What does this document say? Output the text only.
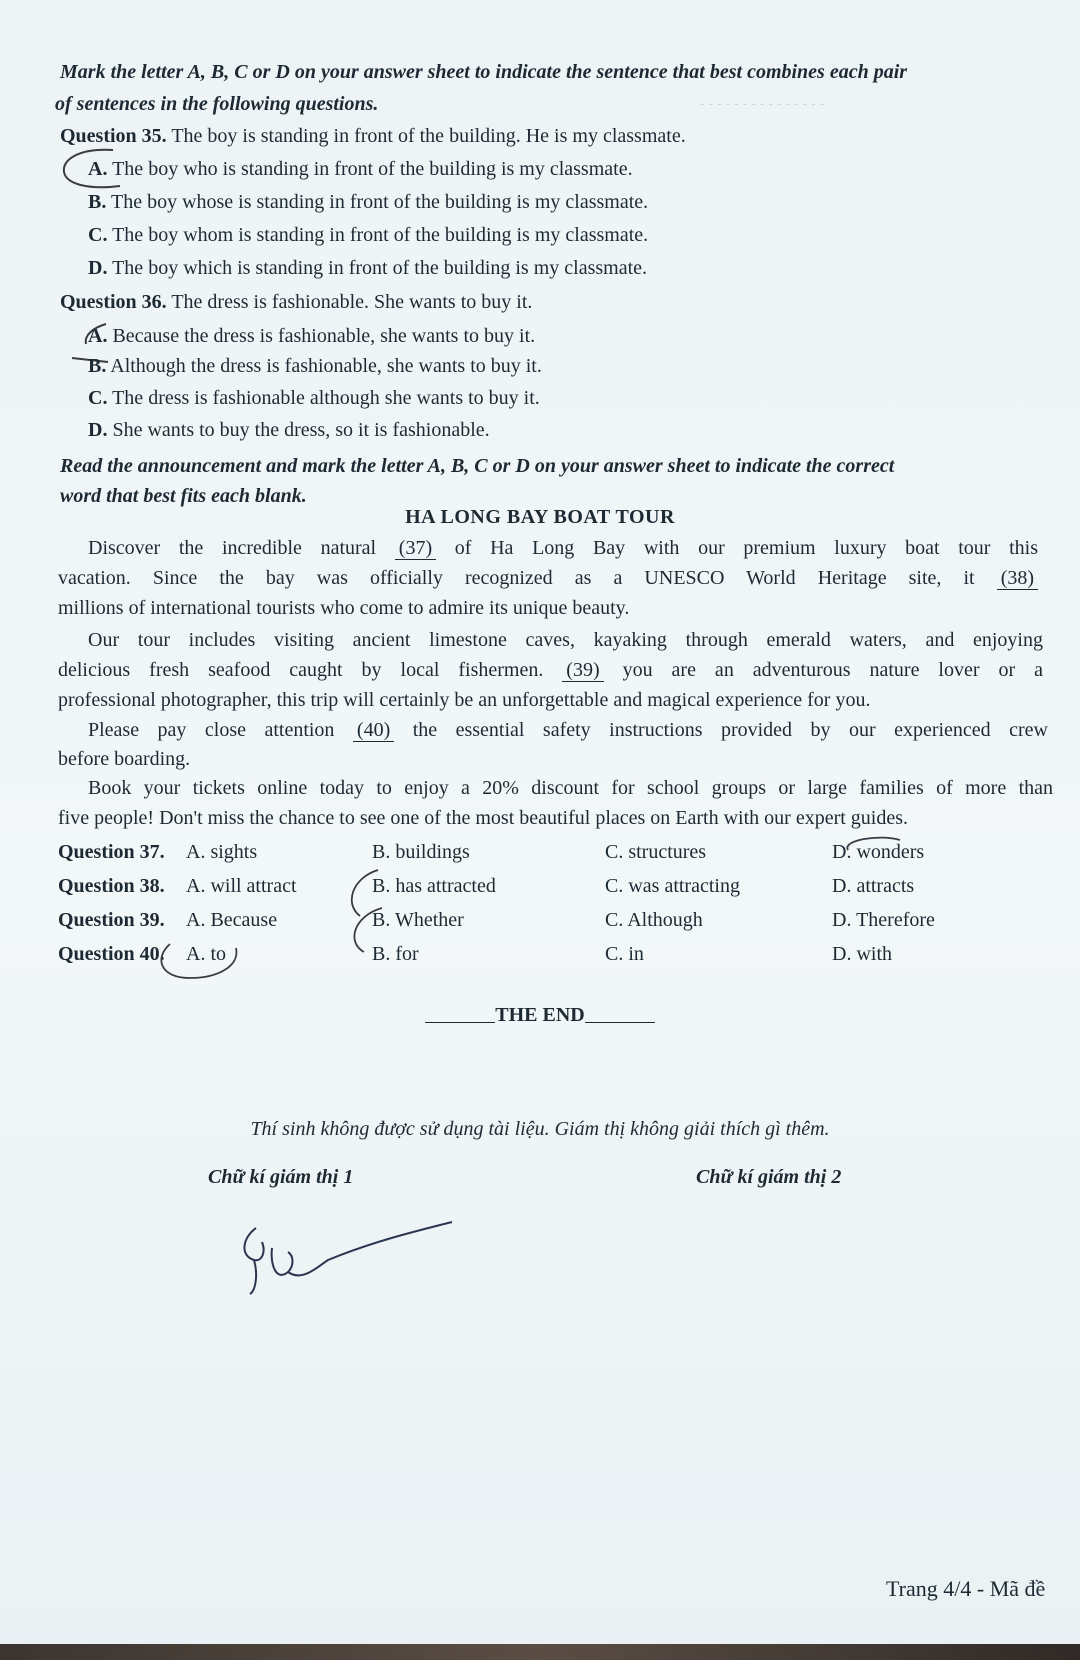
- - - - - - - - - - - - - - -
Mark the letter A, B, C or D on your answer sheet to indicate the sentence that best combines each pair
of sentences in the following questions.
Question 35. The boy is standing in front of the building. He is my classmate.
A. The boy who is standing in front of the building is my classmate.
B. The boy whose is standing in front of the building is my classmate.
C. The boy whom is standing in front of the building is my classmate.
D. The boy which is standing in front of the building is my classmate.
Question 36. The dress is fashionable. She wants to buy it.
A. Because the dress is fashionable, she wants to buy it.
B. Although the dress is fashionable, she wants to buy it.
C. The dress is fashionable although she wants to buy it.
D. She wants to buy the dress, so it is fashionable.
Read the announcement and mark the letter A, B, C or D on your answer sheet to indicate the correct
word that best fits each blank.
HA LONG BAY BOAT TOUR
Discover the incredible natural (37) of Ha Long Bay with our premium luxury boat tour this
vacation. Since the bay was officially recognized as a UNESCO World Heritage site, it (38)
millions of international tourists who come to admire its unique beauty.
Our tour includes visiting ancient limestone caves, kayaking through emerald waters, and enjoying
delicious fresh seafood caught by local fishermen. (39) you are an adventurous nature lover or a
professional photographer, this trip will certainly be an unforgettable and magical experience for you.
Please pay close attention (40) the essential safety instructions provided by our experienced crew
before boarding.
Book your tickets online today to enjoy a 20% discount for school groups or large families of more than
five people! Don't miss the chance to see one of the most beautiful places on Earth with our expert guides.
Question 37. A. sights	B. buildings	C. structures	D. wonders
Question 38. A. will attract	B. has attracted	C. was attracting	D. attracts
Question 39. A. Because	B. Whether	C. Although	D. Therefore
Question 40. A. to	B. for	C. in	D. with
THE END
Thí sinh không được sử dụng tài liệu. Giám thị không giải thích gì thêm.
Chữ kí giám thị 1	Chữ kí giám thị 2
Trang 4/4 - Mã đề
